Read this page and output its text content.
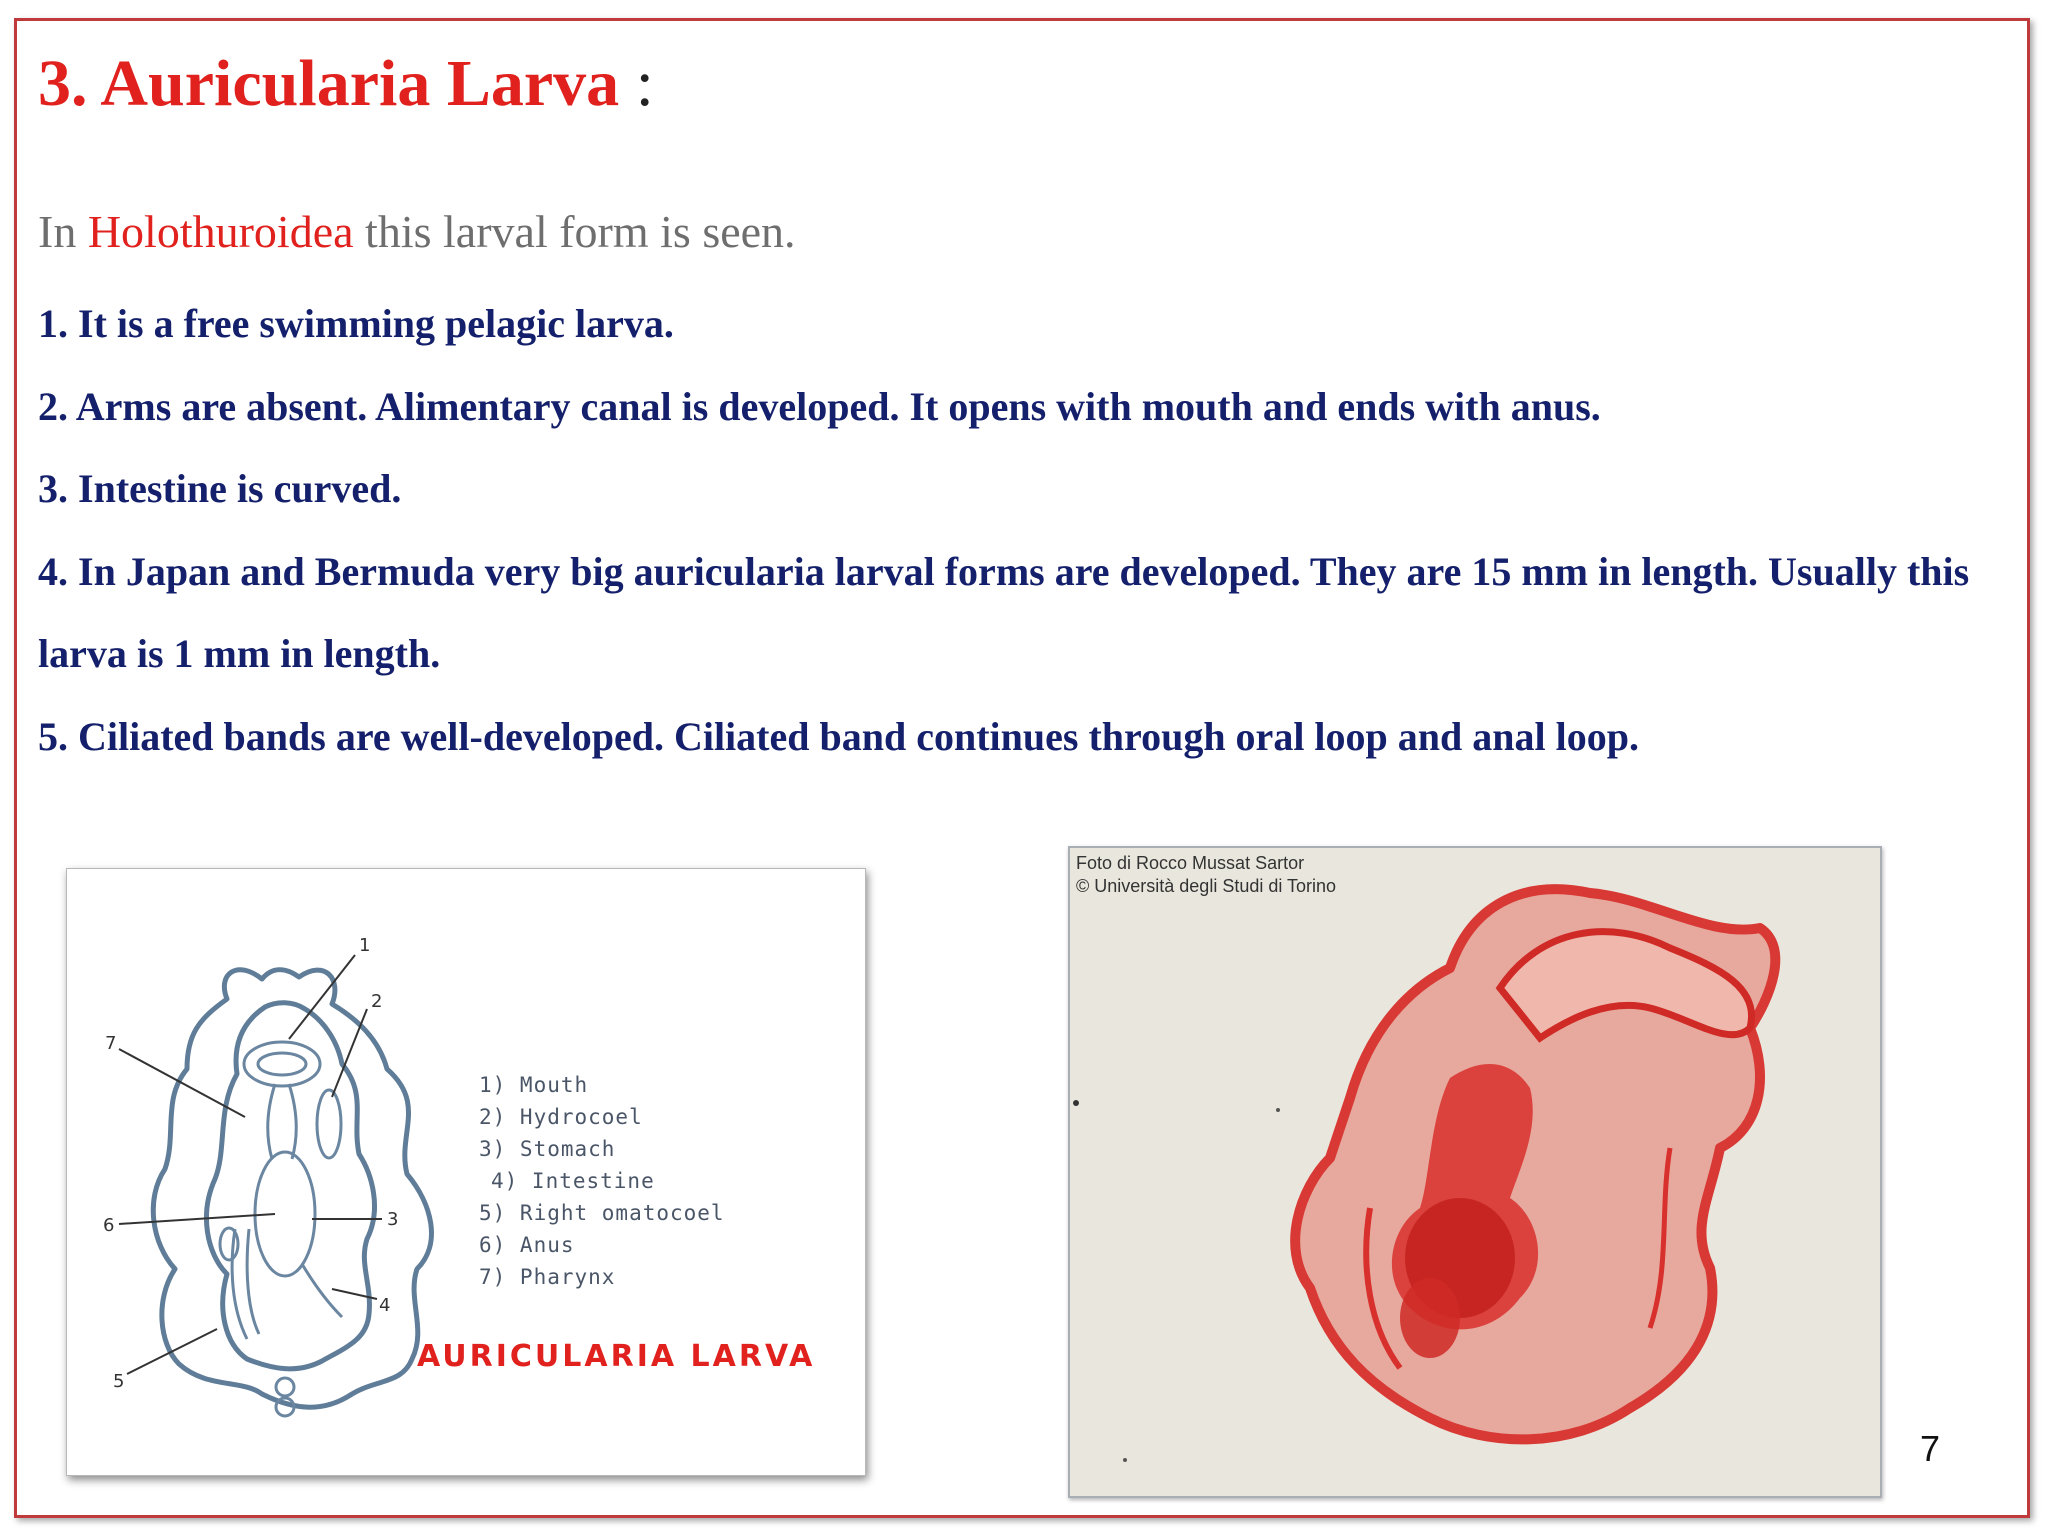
3. Auricularia Larva :
In Holothuroidea this larval form is seen.
1. It is a free swimming pelagic larva.
2. Arms are absent. Alimentary canal is developed. It opens with mouth and ends with anus.
3. Intestine is curved.
4. In Japan and Bermuda very big auricularia larval forms are developed. They are 15 mm in length. Usually this larva is 1 mm in length.
5. Ciliated bands are well-developed. Ciliated band continues through oral loop and anal loop.
1
2
3
4
5
6
7
1) Mouth
2) Hydrocoel
3) Stomach
4) Intestine
5) Right omatocoel
6) Anus
7) Pharynx
AURICULARIA LARVA
Foto di Rocco Mussat Sartor
© Università degli Studi di Torino
7
